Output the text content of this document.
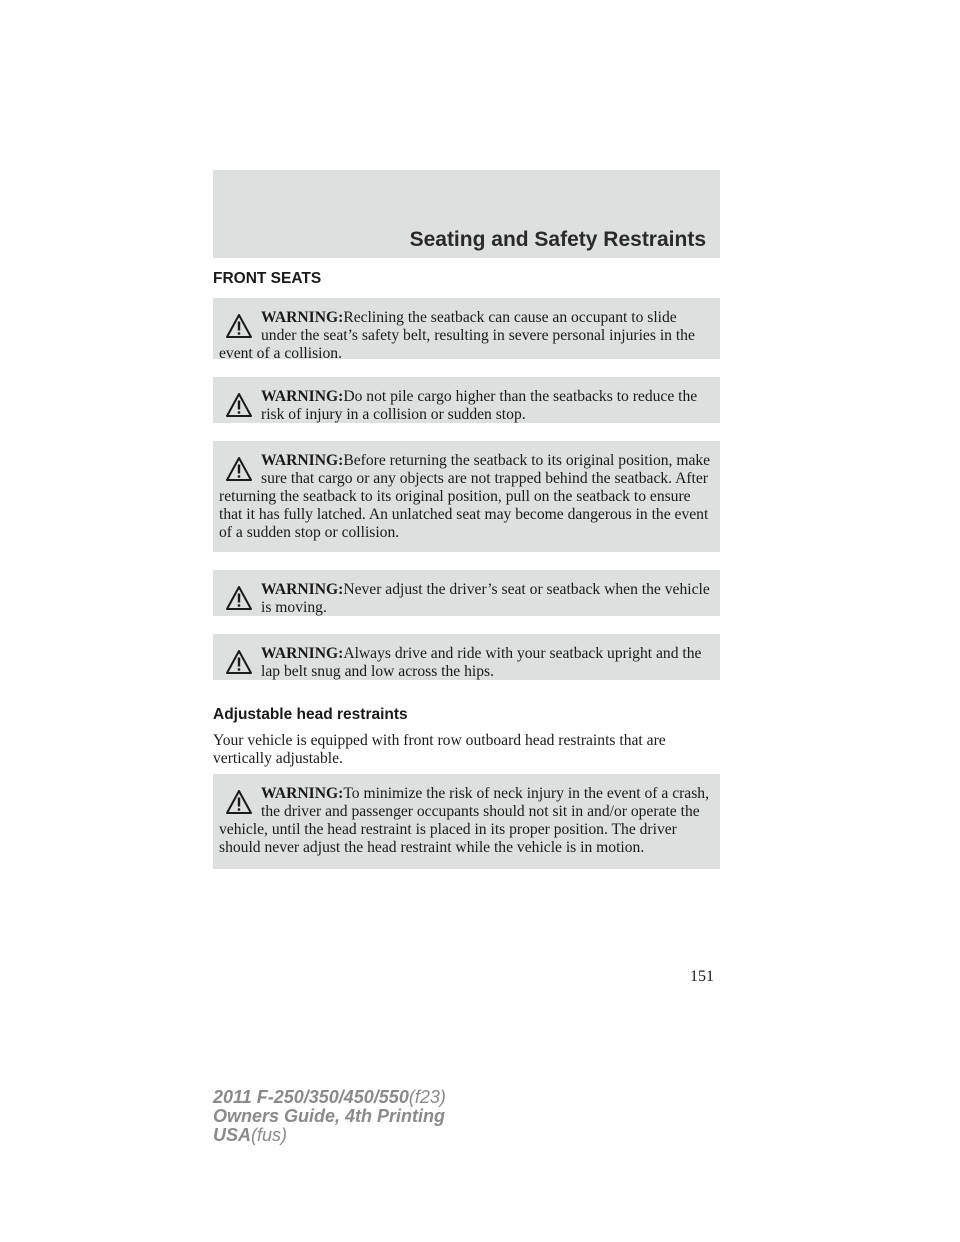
Seating and Safety Restraints
FRONT SEATS
WARNING:Reclining the seatback can cause an occupant to slide under the seat’s safety belt, resulting in severe personal injuries in the event of a collision.
WARNING:Do not pile cargo higher than the seatbacks to reduce the risk of injury in a collision or sudden stop.
WARNING:Before returning the seatback to its original position, make sure that cargo or any objects are not trapped behind the seatback. After returning the seatback to its original position, pull on the seatback to ensure that it has fully latched. An unlatched seat may become dangerous in the event of a sudden stop or collision.
WARNING:Never adjust the driver’s seat or seatback when the vehicle is moving.
WARNING:Always drive and ride with your seatback upright and the lap belt snug and low across the hips.
Adjustable head restraints

Your vehicle is equipped with front row outboard head restraints that are vertically adjustable.

WARNING:To minimize the risk of neck injury in the event of a crash, the driver and passenger occupants should not sit in and/or operate the vehicle, until the head restraint is placed in its proper position. The driver should never adjust the head restraint while the vehicle is in motion.
151
2011 F-250/350/450/550(f23)
Owners Guide, 4th Printing
USA(fus)
